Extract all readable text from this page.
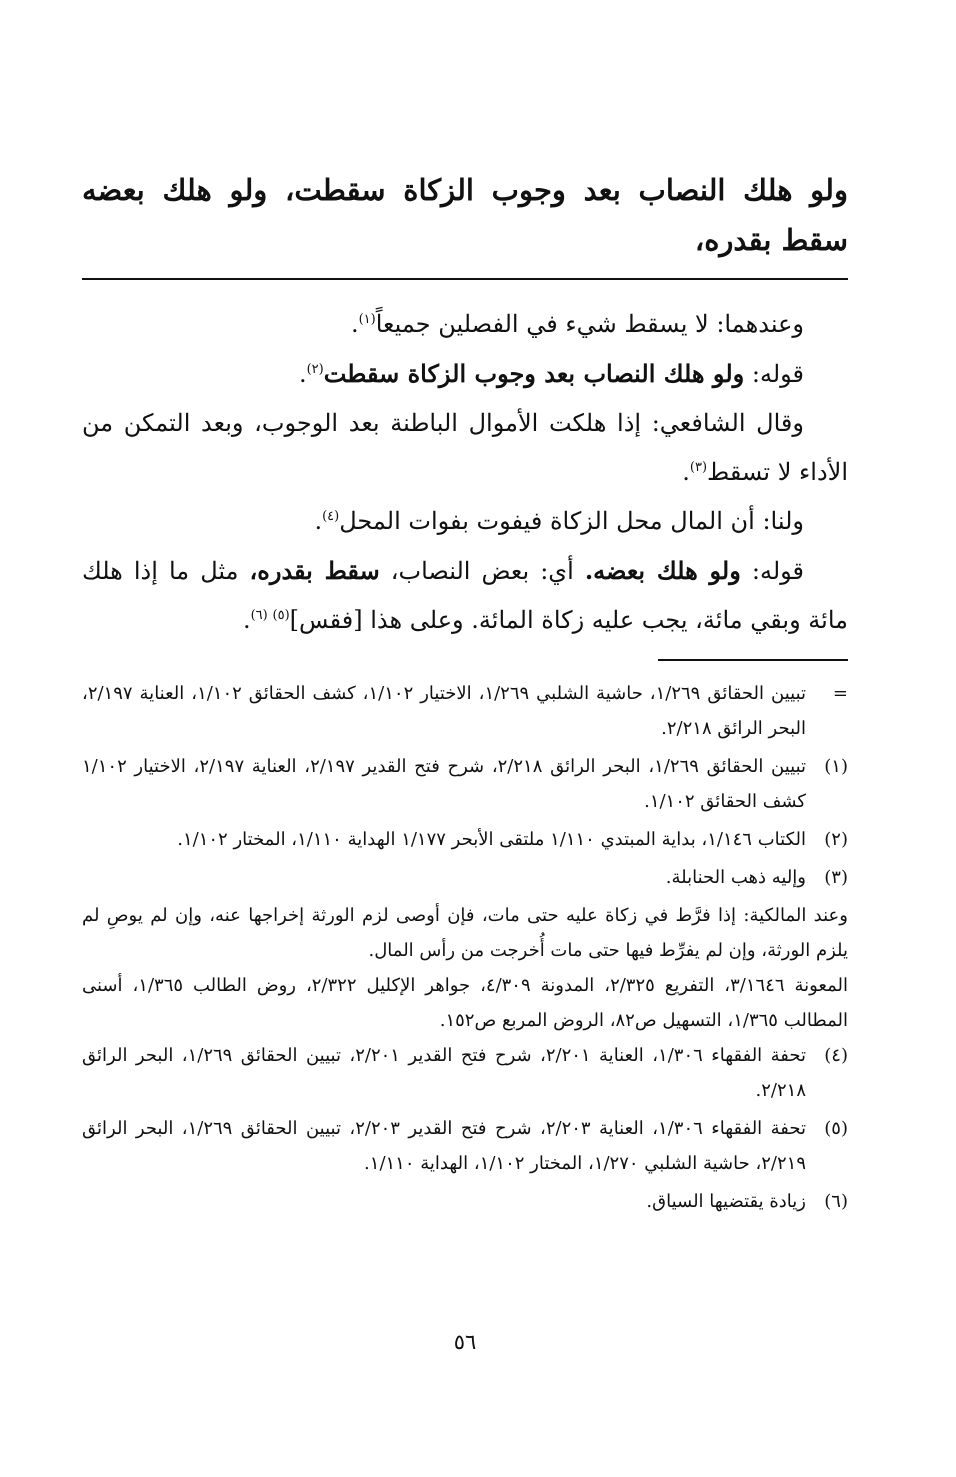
ولو هلك النصاب بعد وجوب الزكاة سقطت، ولو هلك بعضه سقط بقدره،

وعندهما: لا يسقط شيء في الفصلين جميعاً$^{(١)}$.

قوله: ولو هلك النصاب بعد وجوب الزكاة سقطت$^{(٢)}$.

وقال الشافعي: إذا هلكت الأموال الباطنة بعد الوجوب، وبعد التمكن من الأداء لا تسقط$^{(٣)}$.

ولنا: أن المال محل الزكاة فيفوت بفوات المحل$^{(٤)}$.

قوله: ولو هلك بعضه. أي: بعض النصاب، سقط بقدره، مثل ما إذا هلك مائة وبقي مائة، يجب عليه زكاة المائة. وعلى هذا [فقس]$^{(٥)}$ $^{(٦)}$.

=
تبيين الحقائق ١/٢٦٩، حاشية الشلبي ١/٢٦٩، الاختيار ١/١٠٢، كشف الحقائق ١/١٠٢، العناية ٢/١٩٧، البحر الرائق ٢/٢١٨.
(١)
تبيين الحقائق ١/٢٦٩، البحر الرائق ٢/٢١٨، شرح فتح القدير ٢/١٩٧، العناية ٢/١٩٧، الاختيار ١/١٠٢ كشف الحقائق ١/١٠٢.
(٢)
الكتاب ١/١٤٦، بداية المبتدي ١/١١٠ ملتقى الأبحر ١/١٧٧ الهداية ١/١١٠، المختار ١/١٠٢.
(٣)
وإليه ذهب الحنابلة.
وعند المالكية: إذا فرَّط في زكاة عليه حتى مات، فإن أوصى لزم الورثة إخراجها عنه، وإن لم يوصِ لم يلزم الورثة، وإن لم يفرِّط فيها حتى مات أُخرجت من رأس المال.
المعونة ٣/١٦٤٦، التفريع ٢/٣٢٥، المدونة ٤/٣٠٩، جواهر الإكليل ٢/٣٢٢، روض الطالب ١/٣٦٥، أسنى المطالب ١/٣٦٥، التسهيل ص٨٢، الروض المربع ص١٥٢.
(٤)
تحفة الفقهاء ١/٣٠٦، العناية ٢/٢٠١، شرح فتح القدير ٢/٢٠١، تبيين الحقائق ١/٢٦٩، البحر الرائق ٢/٢١٨.
(٥)
تحفة الفقهاء ١/٣٠٦، العناية ٢/٢٠٣، شرح فتح القدير ٢/٢٠٣، تبيين الحقائق ١/٢٦٩، البحر الرائق ٢/٢١٩، حاشية الشلبي ١/٢٧٠، المختار ١/١٠٢، الهداية ١/١١٠.
(٦)
زيادة يقتضيها السياق.
٥٦
